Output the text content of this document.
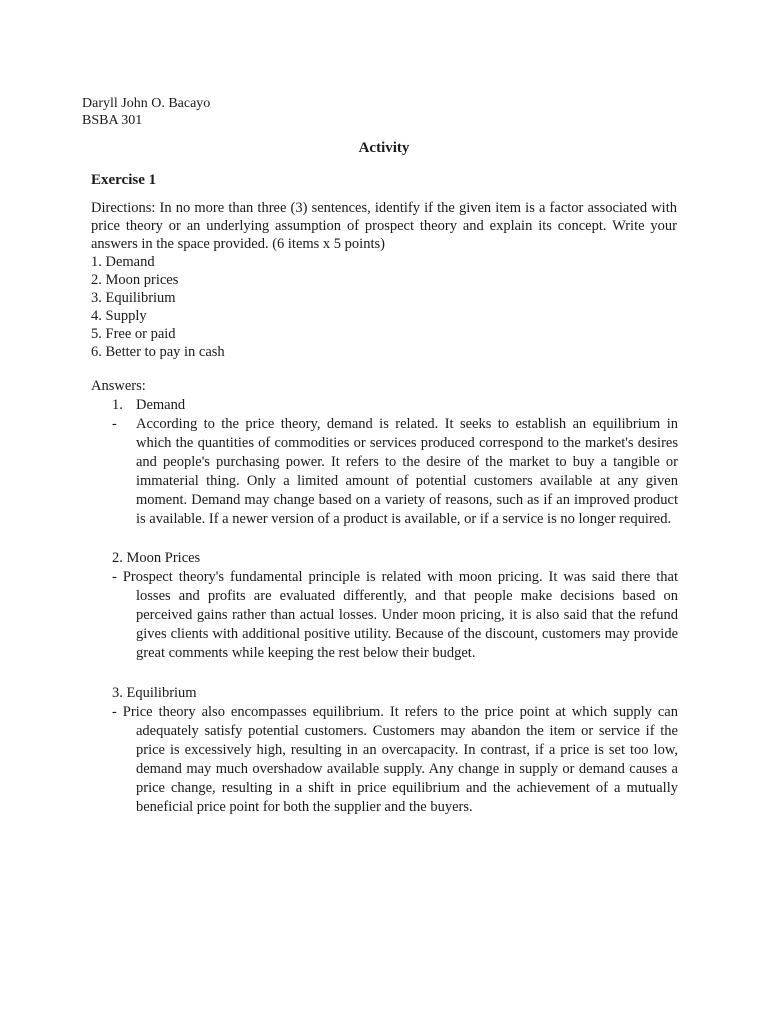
Daryll John O. Bacayo
BSBA 301
Activity
Exercise 1
Directions: In no more than three (3) sentences, identify if the given item is a factor associated with price theory or an underlying assumption of prospect theory and explain its concept. Write your answers in the space provided. (6 items x 5 points)
1. Demand
2. Moon prices
3. Equilibrium
4. Supply
5. Free or paid
6. Better to pay in cash
Answers:
1. Demand
- According to the price theory, demand is related. It seeks to establish an equilibrium in which the quantities of commodities or services produced correspond to the market's desires and people's purchasing power. It refers to the desire of the market to buy a tangible or immaterial thing. Only a limited amount of potential customers available at any given moment. Demand may change based on a variety of reasons, such as if an improved product is available. If a newer version of a product is available, or if a service is no longer required.
2. Moon Prices
- Prospect theory's fundamental principle is related with moon pricing. It was said there that losses and profits are evaluated differently, and that people make decisions based on perceived gains rather than actual losses. Under moon pricing, it is also said that the refund gives clients with additional positive utility. Because of the discount, customers may provide great comments while keeping the rest below their budget.
3. Equilibrium
- Price theory also encompasses equilibrium. It refers to the price point at which supply can adequately satisfy potential customers. Customers may abandon the item or service if the price is excessively high, resulting in an overcapacity. In contrast, if a price is set too low, demand may much overshadow available supply. Any change in supply or demand causes a price change, resulting in a shift in price equilibrium and the achievement of a mutually beneficial price point for both the supplier and the buyers.
